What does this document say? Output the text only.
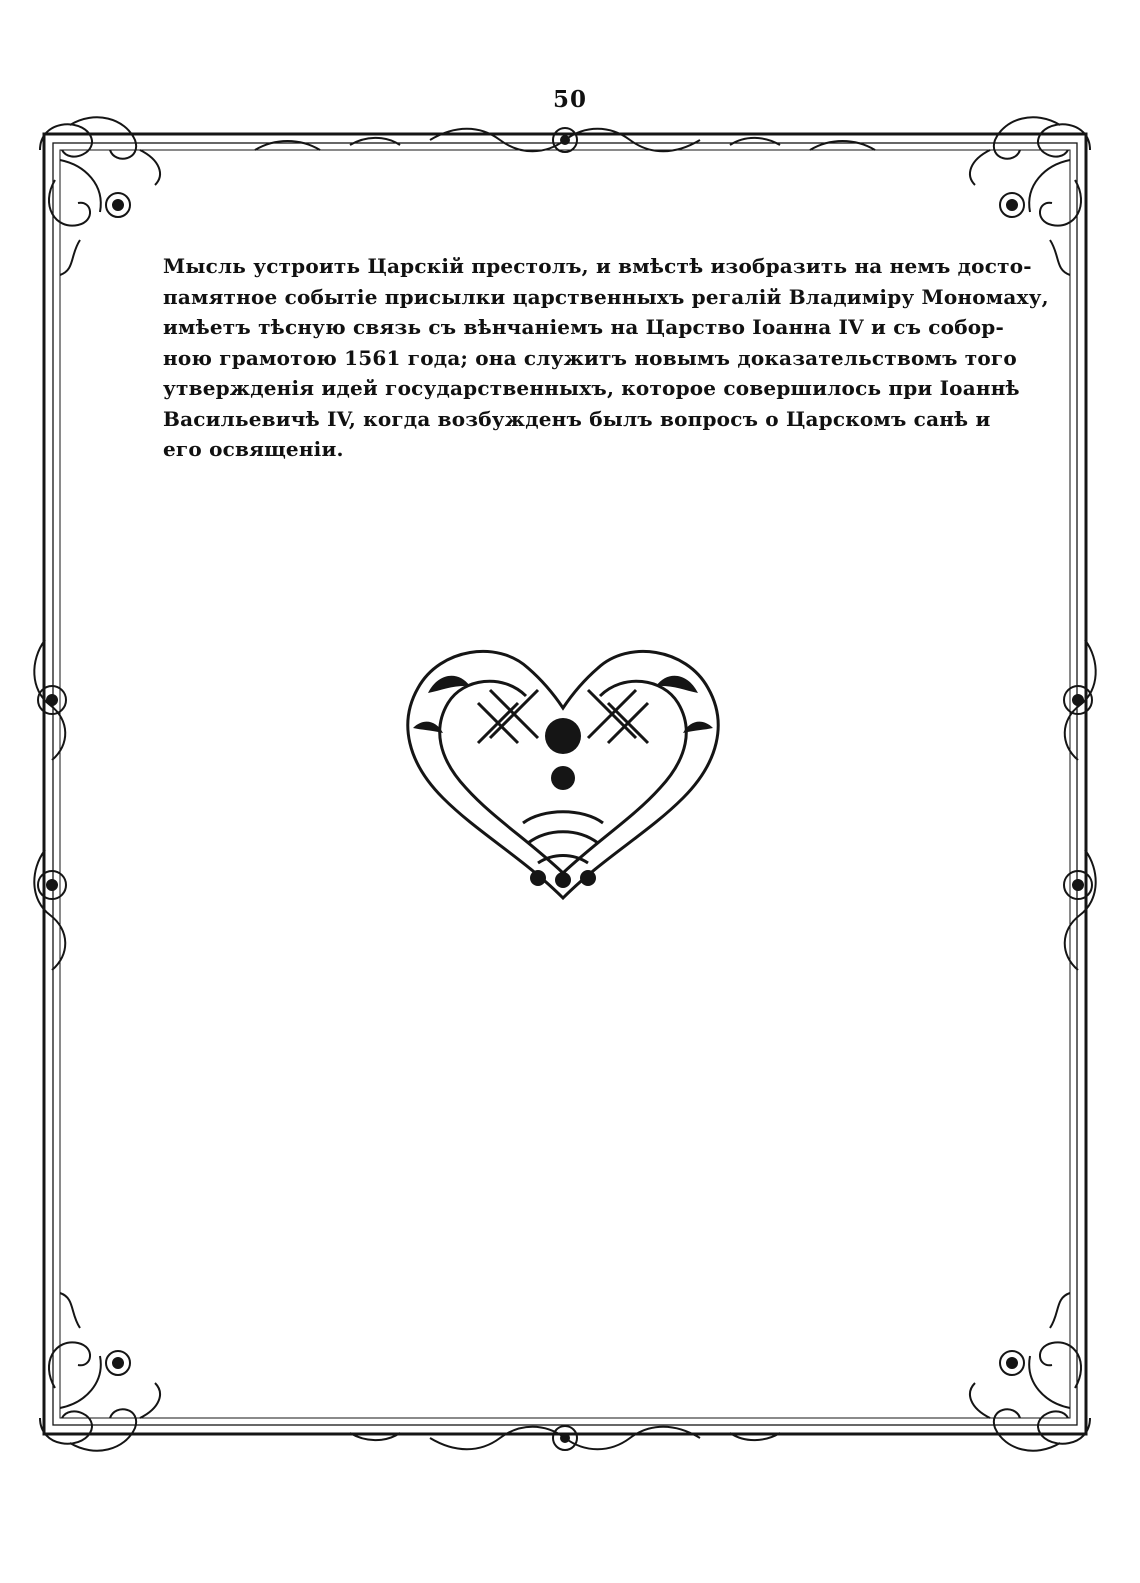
50
Мысль устроить Царскій престолъ, и вмѣстѣ изобразить на немъ досто-
памятное событіе присылки царственныхъ регалій Владиміру Мономаху,
имѣетъ тѣсную связь съ вѣнчаніемъ на Царство Іоанна IV и съ собор-
ною грамотою 1561 года; она служитъ новымъ доказательствомъ того
утвержденія идей государственныхъ, которое совершилось при Іоаннѣ
Васильевичѣ IV, когда возбужденъ былъ вопросъ о Царскомъ санѣ и
его освященіи.
